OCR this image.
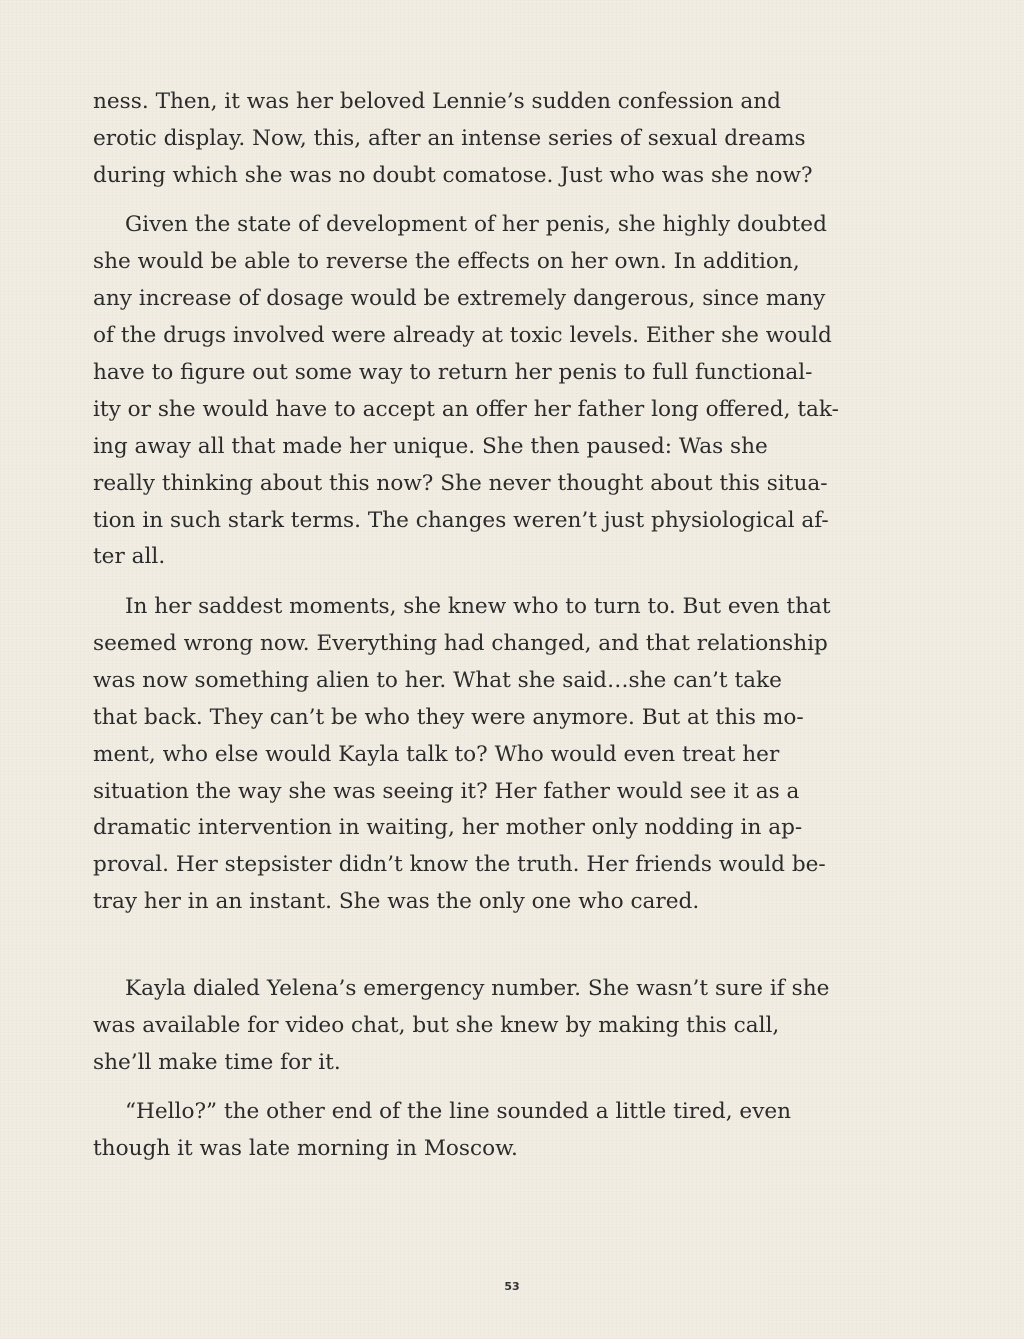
ness. Then, it was her beloved Lennie’s sudden confession and
erotic display. Now, this, after an intense series of sexual dreams
during which she was no doubt comatose. Just who was she now?

Given the state of development of her penis, she highly doubted
she would be able to reverse the effects on her own. In addition,
any increase of dosage would be extremely dangerous, since many
of the drugs involved were already at toxic levels. Either she would
have to figure out some way to return her penis to full functional-
ity or she would have to accept an offer her father long offered, tak-
ing away all that made her unique. She then paused: Was she
really thinking about this now? She never thought about this situa-
tion in such stark terms. The changes weren’t just physiological af-
ter all.

In her saddest moments, she knew who to turn to. But even that
seemed wrong now. Everything had changed, and that relationship
was now something alien to her. What she said…she can’t take
that back. They can’t be who they were anymore. But at this mo-
ment, who else would Kayla talk to? Who would even treat her
situation the way she was seeing it? Her father would see it as a
dramatic intervention in waiting, her mother only nodding in ap-
proval. Her stepsister didn’t know the truth. Her friends would be-
tray her in an instant. She was the only one who cared.

Kayla dialed Yelena’s emergency number. She wasn’t sure if she
was available for video chat, but she knew by making this call,
she’ll make time for it.

“Hello?” the other end of the line sounded a little tired, even
though it was late morning in Moscow.

53
